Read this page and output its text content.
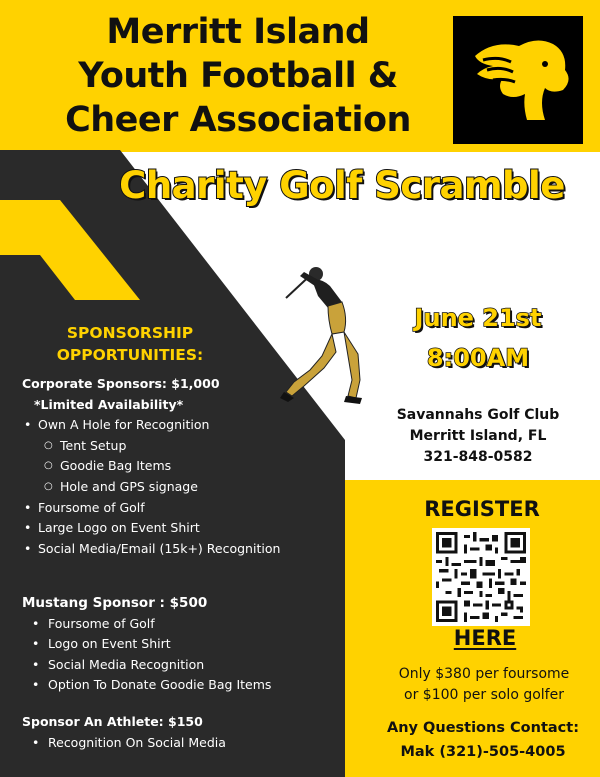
Merritt Island
Youth Football &
Cheer Association
Charity Golf Scramble
June 21st
8:00AM
Savannahs Golf Club
Merritt Island, FL
321-848-0582
SPONSORSHIP
OPPORTUNITIES:
Corporate Sponsors: $1,000
*Limited Availability*
• Own A Hole for Recognition
○ Tent Setup
○ Goodie Bag Items
○ Hole and GPS signage
• Foursome of Golf
• Large Logo on Event Shirt
• Social Media/Email (15k+) Recognition
Mustang Sponsor : $500
• Foursome of Golf
• Logo on Event Shirt
• Social Media Recognition
• Option To Donate Goodie Bag Items
Sponsor An Athlete: $150
• Recognition On Social Media
REGISTER
HERE
Only $380 per foursome
or $100 per solo golfer
Any Questions Contact:
Mak (321)-505-4005
